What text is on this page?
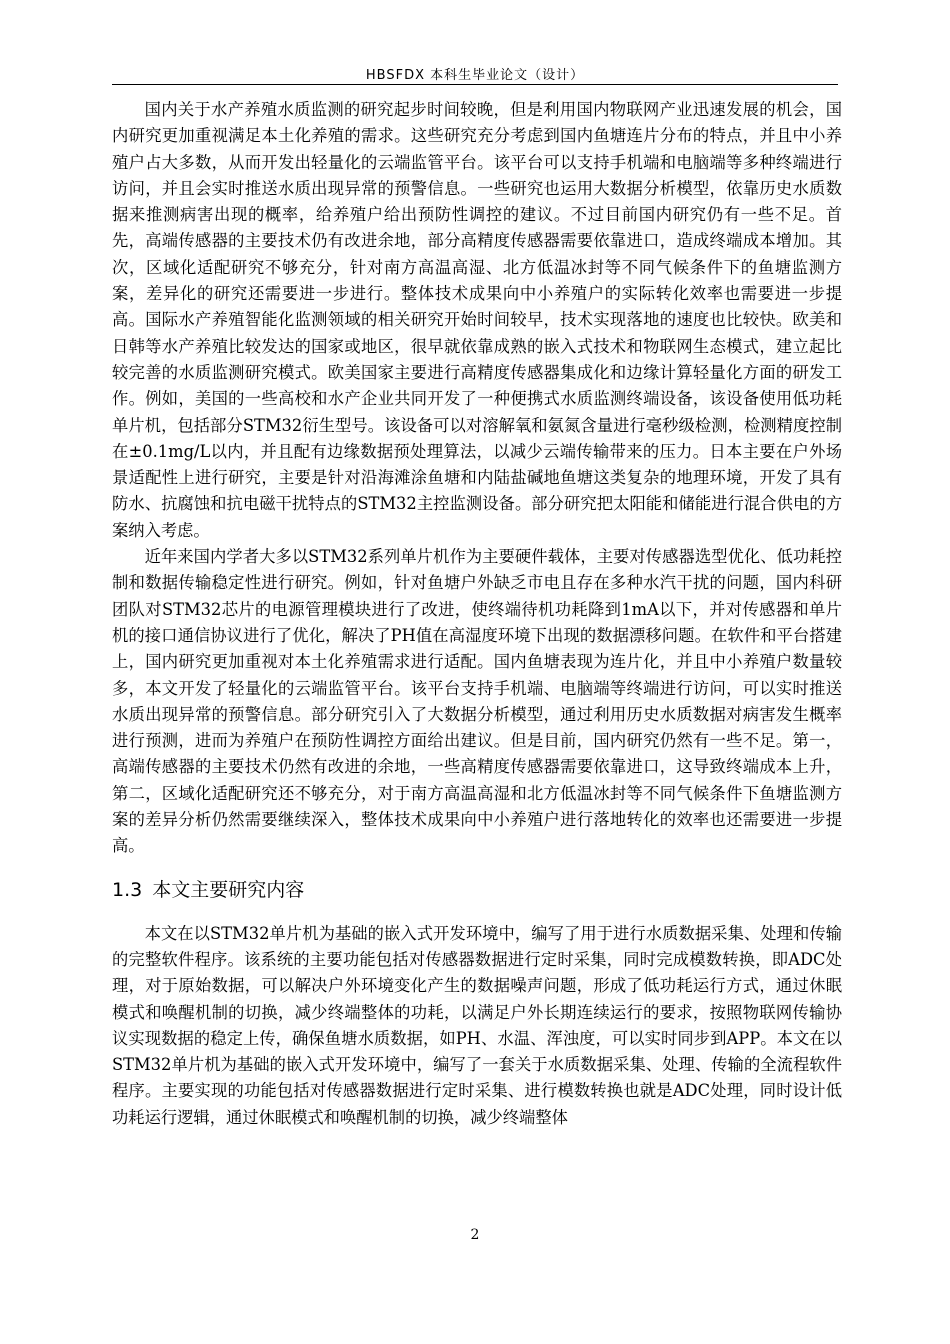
HBSFDX 本科生毕业论文（设计）

国内关于水产养殖水质监测的研究起步时间较晚，但是利用国内物联网产业迅速发展的机会，国内研究更加重视满足本土化养殖的需求。这些研究充分考虑到国内鱼塘连片分布的特点，并且中小养殖户占大多数，从而开发出轻量化的云端监管平台。该平台可以支持手机端和电脑端等多种终端进行访问，并且会实时推送水质出现异常的预警信息。一些研究也运用大数据分析模型，依靠历史水质数据来推测病害出现的概率，给养殖户给出预防性调控的建议。不过目前国内研究仍有一些不足。首先，高端传感器的主要技术仍有改进余地，部分高精度传感器需要依靠进口，造成终端成本增加。其次，区域化适配研究不够充分，针对南方高温高湿、北方低温冰封等不同气候条件下的鱼塘监测方案，差异化的研究还需要进一步进行。整体技术成果向中小养殖户的实际转化效率也需要进一步提高。国际水产养殖智能化监测领域的相关研究开始时间较早，技术实现落地的速度也比较快。欧美和日韩等水产养殖比较发达的国家或地区，很早就依靠成熟的嵌入式技术和物联网生态模式，建立起比较完善的水质监测研究模式。欧美国家主要进行高精度传感器集成化和边缘计算轻量化方面的研发工作。例如，美国的一些高校和水产企业共同开发了一种便携式水质监测终端设备，该设备使用低功耗单片机，包括部分STM32衍生型号。该设备可以对溶解氧和氨氮含量进行毫秒级检测，检测精度控制在±0.1mg/L以内，并且配有边缘数据预处理算法，以减少云端传输带来的压力。日本主要在户外场景适配性上进行研究，主要是针对沿海滩涂鱼塘和内陆盐碱地鱼塘这类复杂的地理环境，开发了具有防水、抗腐蚀和抗电磁干扰特点的STM32主控监测设备。部分研究把太阳能和储能进行混合供电的方案纳入考虑。

近年来国内学者大多以STM32系列单片机作为主要硬件载体，主要对传感器选型优化、低功耗控制和数据传输稳定性进行研究。例如，针对鱼塘户外缺乏市电且存在多种水汽干扰的问题，国内科研团队对STM32芯片的电源管理模块进行了改进，使终端待机功耗降到1mA以下，并对传感器和单片机的接口通信协议进行了优化，解决了PH值在高湿度环境下出现的数据漂移问题。在软件和平台搭建上，国内研究更加重视对本土化养殖需求进行适配。国内鱼塘表现为连片化，并且中小养殖户数量较多，本文开发了轻量化的云端监管平台。该平台支持手机端、电脑端等终端进行访问，可以实时推送水质出现异常的预警信息。部分研究引入了大数据分析模型，通过利用历史水质数据对病害发生概率进行预测，进而为养殖户在预防性调控方面给出建议。但是目前，国内研究仍然有一些不足。第一，高端传感器的主要技术仍然有改进的余地，一些高精度传感器需要依靠进口，这导致终端成本上升，第二，区域化适配研究还不够充分，对于南方高温高湿和北方低温冰封等不同气候条件下鱼塘监测方案的差异分析仍然需要继续深入，整体技术成果向中小养殖户进行落地转化的效率也还需要进一步提高。

1.3 本文主要研究内容

本文在以STM32单片机为基础的嵌入式开发环境中，编写了用于进行水质数据采集、处理和传输的完整软件程序。该系统的主要功能包括对传感器数据进行定时采集，同时完成模数转换，即ADC处理，对于原始数据，可以解决户外环境变化产生的数据噪声问题，形成了低功耗运行方式，通过休眠模式和唤醒机制的切换，减少终端整体的功耗，以满足户外长期连续运行的要求，按照物联网传输协议实现数据的稳定上传，确保鱼塘水质数据，如PH、水温、浑浊度，可以实时同步到APP。本文在以STM32单片机为基础的嵌入式开发环境中，编写了一套关于水质数据采集、处理、传输的全流程软件程序。主要实现的功能包括对传感器数据进行定时采集、进行模数转换也就是ADC处理，同时设计低功耗运行逻辑，通过休眠模式和唤醒机制的切换，减少终端整体

2
